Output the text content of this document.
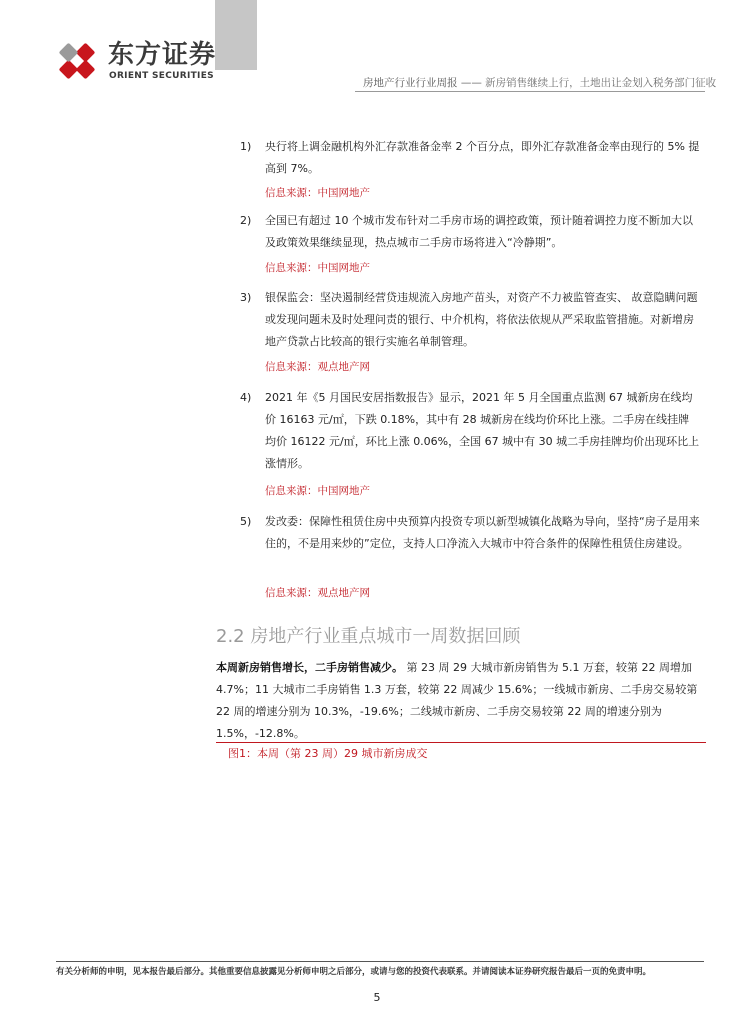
东方证券
ORIENT SECURITIES
房地产行业行业周报 —— 新房销售继续上行，土地出让金划入税务部门征收
1) 央行将上调金融机构外汇存款准备金率 2 个百分点，即外汇存款准备金率由现行的 5% 提高到 7%。
信息来源：中国网地产
2) 全国已有超过 10 个城市发布针对二手房市场的调控政策，预计随着调控力度不断加大以及政策效果继续显现，热点城市二手房市场将进入“冷静期”。
信息来源：中国网地产
3) 银保监会：坚决遏制经营贷违规流入房地产苗头，对资产不力被监管查实、 故意隐瞒问题或发现问题未及时处理问责的银行、中介机构，将依法依规从严采取监管措施。对新增房地产贷款占比较高的银行实施名单制管理。
信息来源：观点地产网
4) 2021 年《5 月国民安居指数报告》显示，2021 年 5 月全国重点监测 67 城新房在线均价 16163 元/㎡，下跌 0.18%，其中有 28 城新房在线均价环比上涨。二手房在线挂牌均价 16122 元/㎡，环比上涨 0.06%，全国 67 城中有 30 城二手房挂牌均价出现环比上涨情形。
信息来源：中国网地产
5) 发改委：保障性租赁住房中央预算内投资专项以新型城镇化战略为导向，坚持“房子是用来住的，不是用来炒的”定位，支持人口净流入大城市中符合条件的保障性租赁住房建设。
信息来源：观点地产网
2.2 房地产行业重点城市一周数据回顾
本周新房销售增长，二手房销售减少。 第 23 周 29 大城市新房销售为 5.1 万套，较第 22 周增加 4.7%；11 大城市二手房销售 1.3 万套，较第 22 周减少 15.6%；一线城市新房、二手房交易较第 22 周的增速分别为 10.3%，-19.6%；二线城市新房、二手房交易较第 22 周的增速分别为 1.5%，-12.8%。
图1：本周（第 23 周）29 城市新房成交
有关分析师的申明，见本报告最后部分。其他重要信息披露见分析师申明之后部分，或请与您的投资代表联系。并请阅读本证券研究报告最后一页的免责申明。
5
